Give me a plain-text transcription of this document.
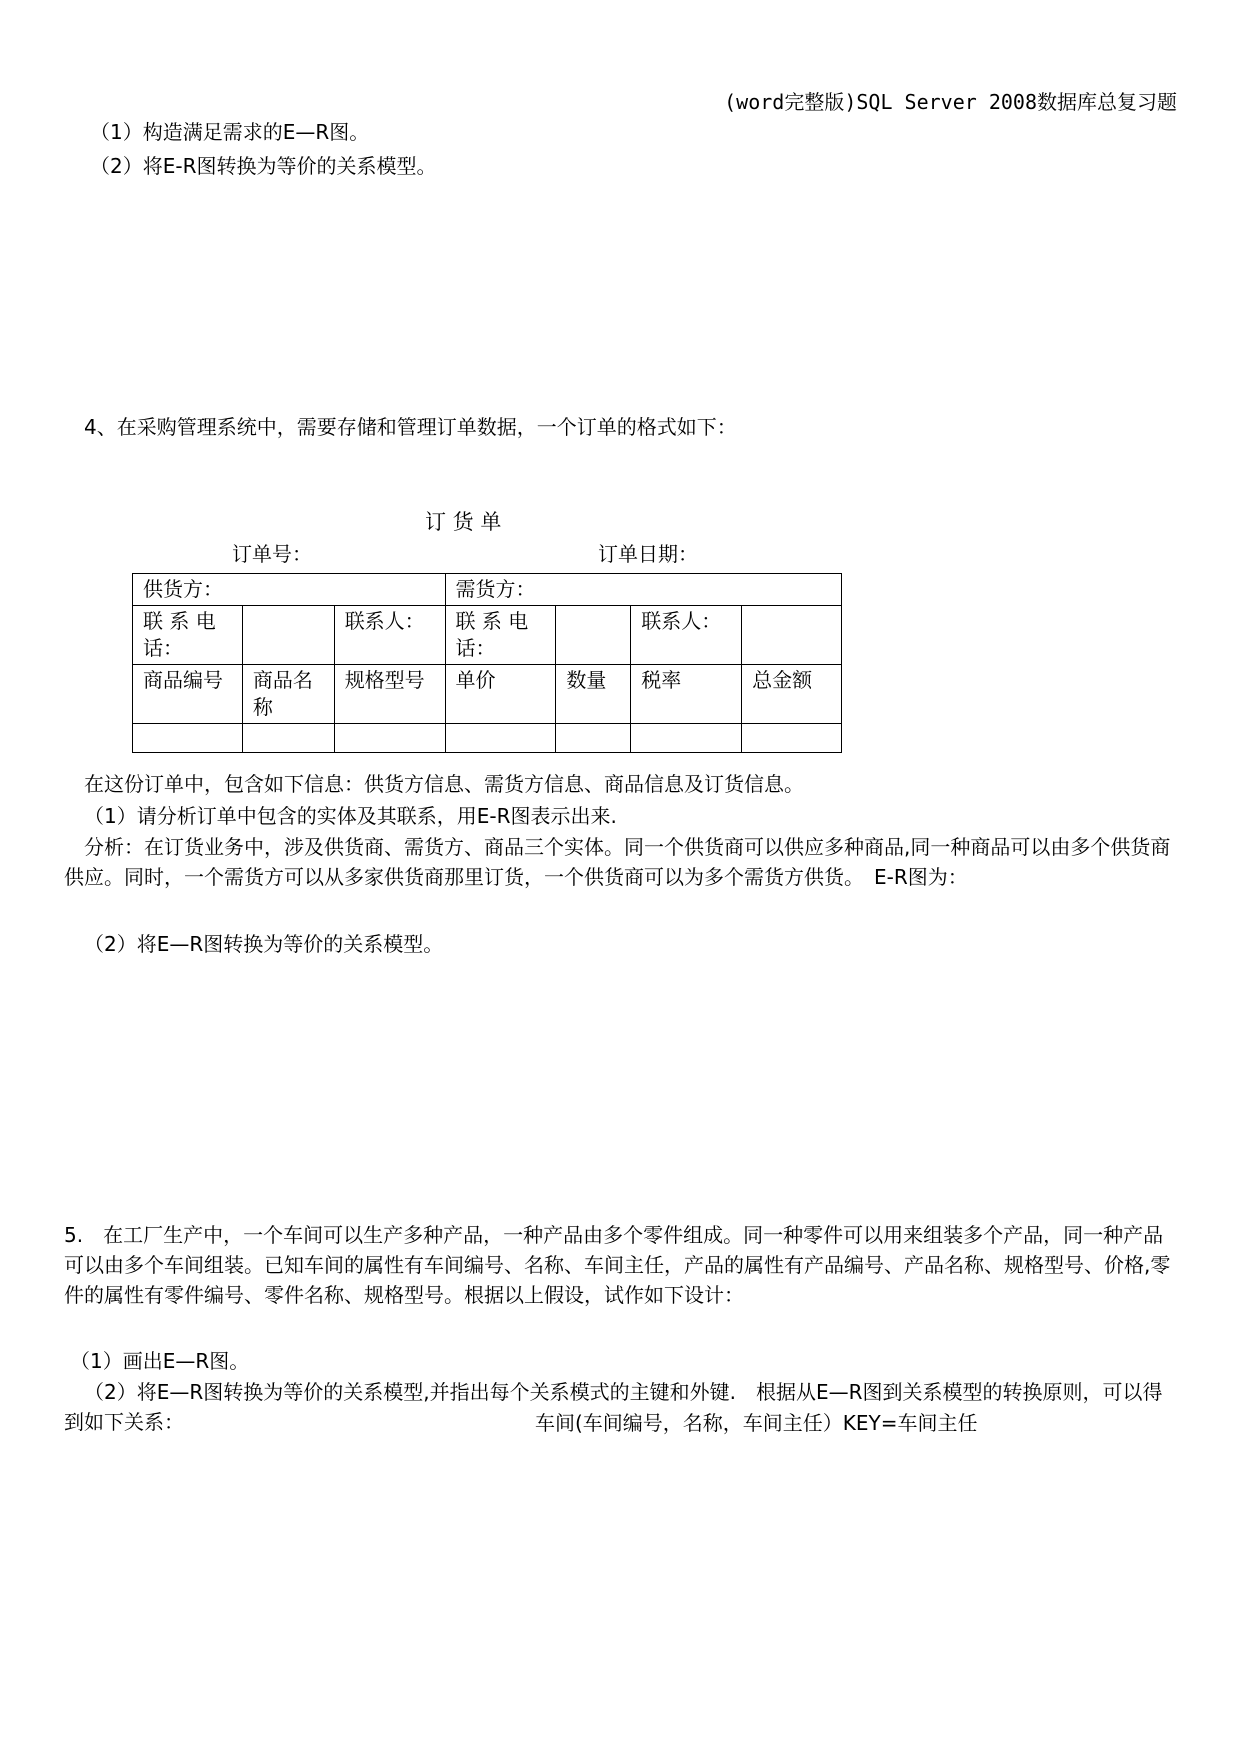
(word完整版)SQL Server 2008数据库总复习题
（1）构造满足需求的E—R图。
（2）将E-R图转换为等价的关系模型。
4、在采购管理系统中，需要存储和管理订单数据，一个订单的格式如下：
订 货 单
订单号：	订单日期：
供货方：			需货方：			
联 系 电 话：		联系人：	联 系 电 话：		联系人：	
商品编号	商品名称	规格型号	单价	数量	税率	总金额

在这份订单中，包含如下信息：供货方信息、需货方信息、商品信息及订货信息。
（1）请分析订单中包含的实体及其联系，用E-R图表示出来.
分析：在订货业务中，涉及供货商、需货方、商品三个实体。同一个供货商可以供应多种商品,同一种商品可以由多个供货商供应。同时，一个需货方可以从多家供货商那里订货，一个供货商可以为多个需货方供货。　E-R图为：
（2）将E—R图转换为等价的关系模型。
5.　在工厂生产中，一个车间可以生产多种产品，一种产品由多个零件组成。同一种零件可以用来组装多个产品，同一种产品可以由多个车间组装。已知车间的属性有车间编号、名称、车间主任，产品的属性有产品编号、产品名称、规格型号、价格,零件的属性有零件编号、零件名称、规格型号。根据以上假设，试作如下设计：
（1）画出E—R图。
（2）将E—R图转换为等价的关系模型,并指出每个关系模式的主键和外键.　根据从E—R图到关系模型的转换原则，可以得到如下关系：	车间(车间编号，名称，车间主任）KEY=车间主任
